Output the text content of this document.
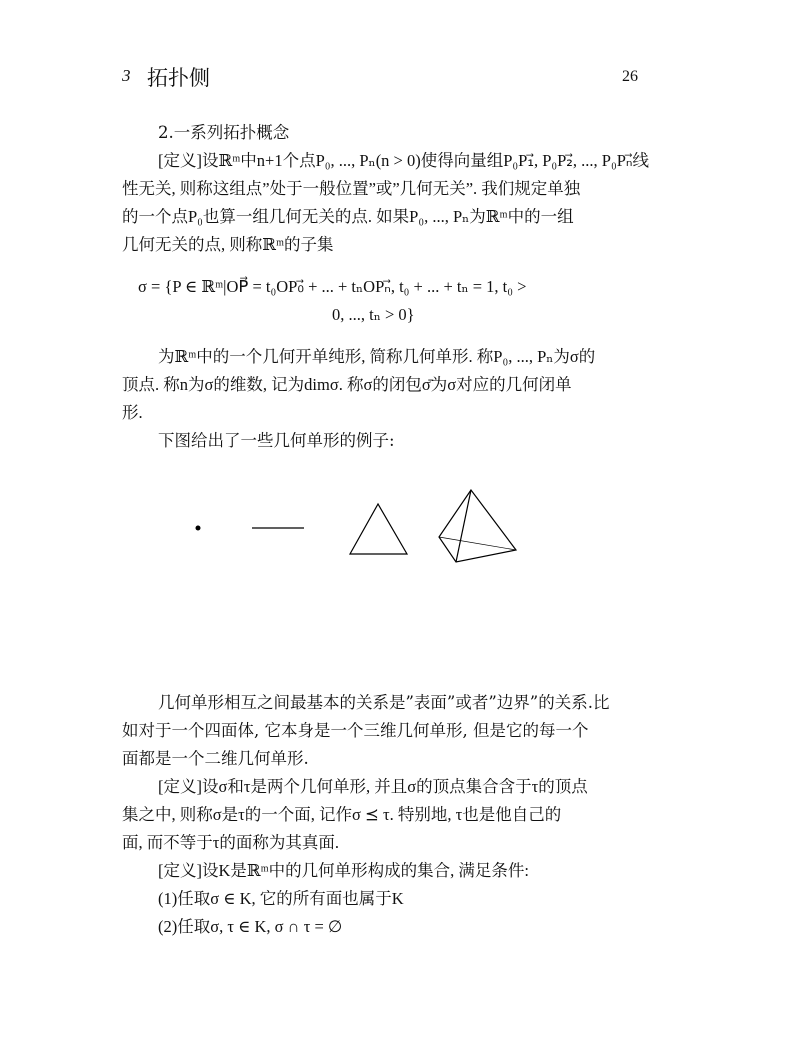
3 拓扑侧	26
2.一系列拓扑概念
[定义]设ℝᵐ中n+1个点P₀, ..., Pₙ(n > 0)使得向量组P₀P₁⃗, P₀P₂⃗, ..., P₀Pₙ⃗线
性无关, 则称这组点”处于一般位置”或”几何无关”. 我们规定单独
的一个点P₀也算一组几何无关的点. 如果P₀, ..., Pₙ为ℝᵐ中的一组
几何无关的点, 则称ℝᵐ的子集
σ = {P ∈ ℝᵐ|OP⃗ = t₀OP₀⃗ + ... + tₙOPₙ⃗, t₀ + ... + tₙ = 1, t₀ >
0, ..., tₙ > 0}
为ℝᵐ中的一个几何开单纯形, 简称几何单形. 称P₀, ..., Pₙ为σ的
顶点. 称n为σ的维数, 记为dimσ. 称σ的闭包σ̄为σ对应的几何闭单
形.
下图给出了一些几何单形的例子:
几何单形相互之间最基本的关系是”表面”或者”边界”的关系.比
如对于一个四面体, 它本身是一个三维几何单形, 但是它的每一个
面都是一个二维几何单形.
[定义]设σ和τ是两个几何单形, 并且σ的顶点集合含于τ的顶点
集之中, 则称σ是τ的一个面, 记作σ ⪯ τ. 特别地, τ也是他自己的
面, 而不等于τ的面称为其真面.
[定义]设K是ℝᵐ中的几何单形构成的集合, 满足条件:
(1)任取σ ∈ K, 它的所有面也属于K
(2)任取σ, τ ∈ K, σ ∩ τ = ∅
